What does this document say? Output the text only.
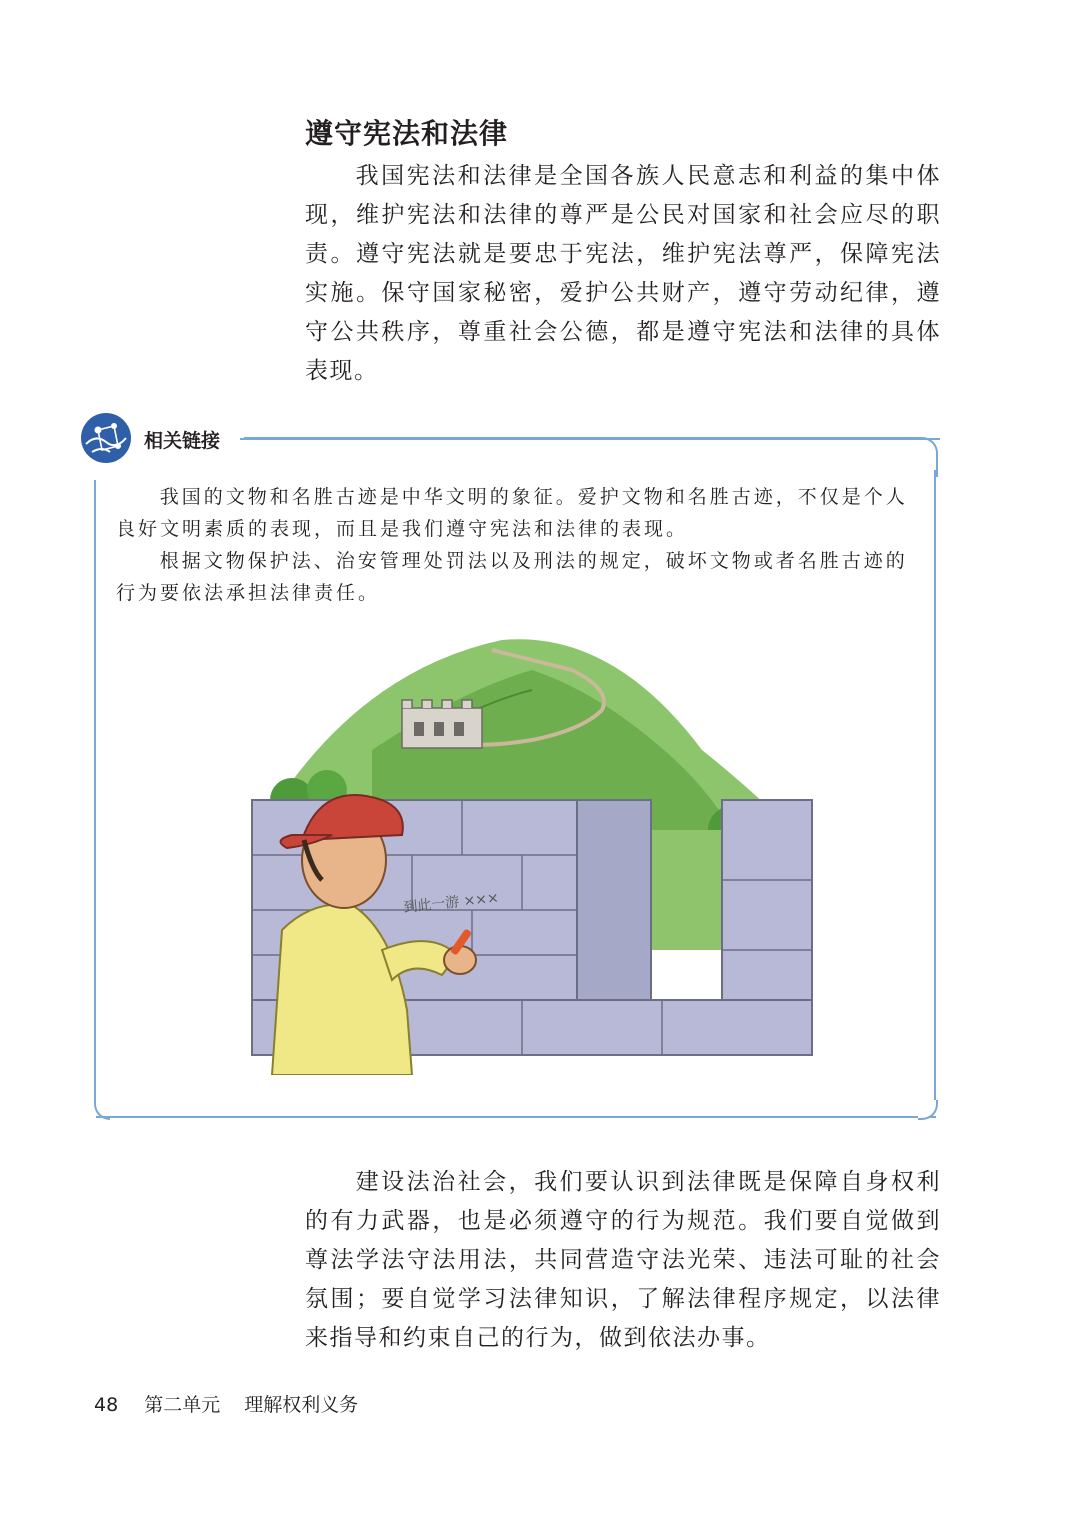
遵守宪法和法律

我国宪法和法律是全国各族人民意志和利益的集中体现，维护宪法和法律的尊严是公民对国家和社会应尽的职责。遵守宪法就是要忠于宪法，维护宪法尊严，保障宪法实施。保守国家秘密，爱护公共财产，遵守劳动纪律，遵守公共秩序，尊重社会公德，都是遵守宪法和法律的具体表现。

相关链接

我国的文物和名胜古迹是中华文明的象征。爱护文物和名胜古迹，不仅是个人良好文明素质的表现，而且是我们遵守宪法和法律的表现。

根据文物保护法、治安管理处罚法以及刑法的规定，破坏文物或者名胜古迹的行为要依法承担法律责任。

到此一游 ×××

建设法治社会，我们要认识到法律既是保障自身权利的有力武器，也是必须遵守的行为规范。我们要自觉做到尊法学法守法用法，共同营造守法光荣、违法可耻的社会氛围；要自觉学习法律知识，了解法律程序规定，以法律来指导和约束自己的行为，做到依法办事。

48 第二单元 理解权利义务
